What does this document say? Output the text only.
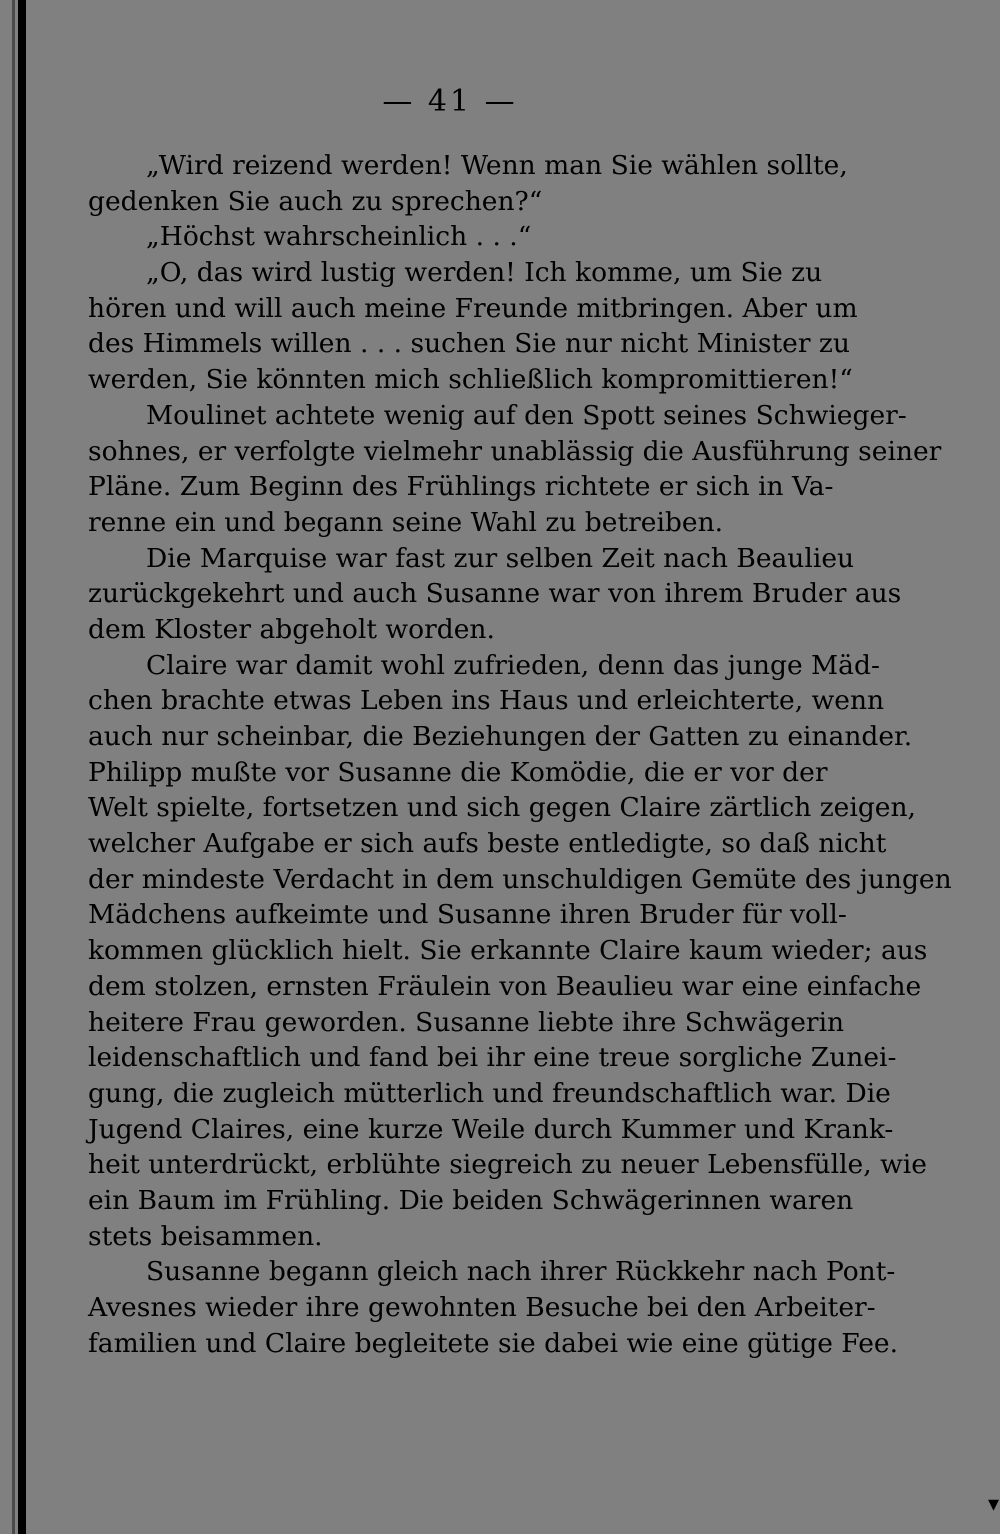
— 41 —
„Wird reizend werden! Wenn man Sie wählen sollte,
gedenken Sie auch zu sprechen?“
„Höchst wahrscheinlich . . .“
„O, das wird lustig werden! Ich komme, um Sie zu
hören und will auch meine Freunde mitbringen. Aber um
des Himmels willen . . . suchen Sie nur nicht Minister zu
werden, Sie könnten mich schließlich kompromittieren!“
Moulinet achtete wenig auf den Spott seines Schwieger-
sohnes, er verfolgte vielmehr unablässig die Ausführung seiner
Pläne. Zum Beginn des Frühlings richtete er sich in Va-
renne ein und begann seine Wahl zu betreiben.
Die Marquise war fast zur selben Zeit nach Beaulieu
zurückgekehrt und auch Susanne war von ihrem Bruder aus
dem Kloster abgeholt worden.
Claire war damit wohl zufrieden, denn das junge Mäd-
chen brachte etwas Leben ins Haus und erleichterte, wenn
auch nur scheinbar, die Beziehungen der Gatten zu einander.
Philipp mußte vor Susanne die Komödie, die er vor der
Welt spielte, fortsetzen und sich gegen Claire zärtlich zeigen,
welcher Aufgabe er sich aufs beste entledigte, so daß nicht
der mindeste Verdacht in dem unschuldigen Gemüte des jungen
Mädchens aufkeimte und Susanne ihren Bruder für voll-
kommen glücklich hielt. Sie erkannte Claire kaum wieder; aus
dem stolzen, ernsten Fräulein von Beaulieu war eine einfache
heitere Frau geworden. Susanne liebte ihre Schwägerin
leidenschaftlich und fand bei ihr eine treue sorgliche Zunei-
gung, die zugleich mütterlich und freundschaftlich war. Die
Jugend Claires, eine kurze Weile durch Kummer und Krank-
heit unterdrückt, erblühte siegreich zu neuer Lebensfülle, wie
ein Baum im Frühling. Die beiden Schwägerinnen waren
stets beisammen.
Susanne begann gleich nach ihrer Rückkehr nach Pont-
Avesnes wieder ihre gewohnten Besuche bei den Arbeiter-
familien und Claire begleitete sie dabei wie eine gütige Fee.
▾
